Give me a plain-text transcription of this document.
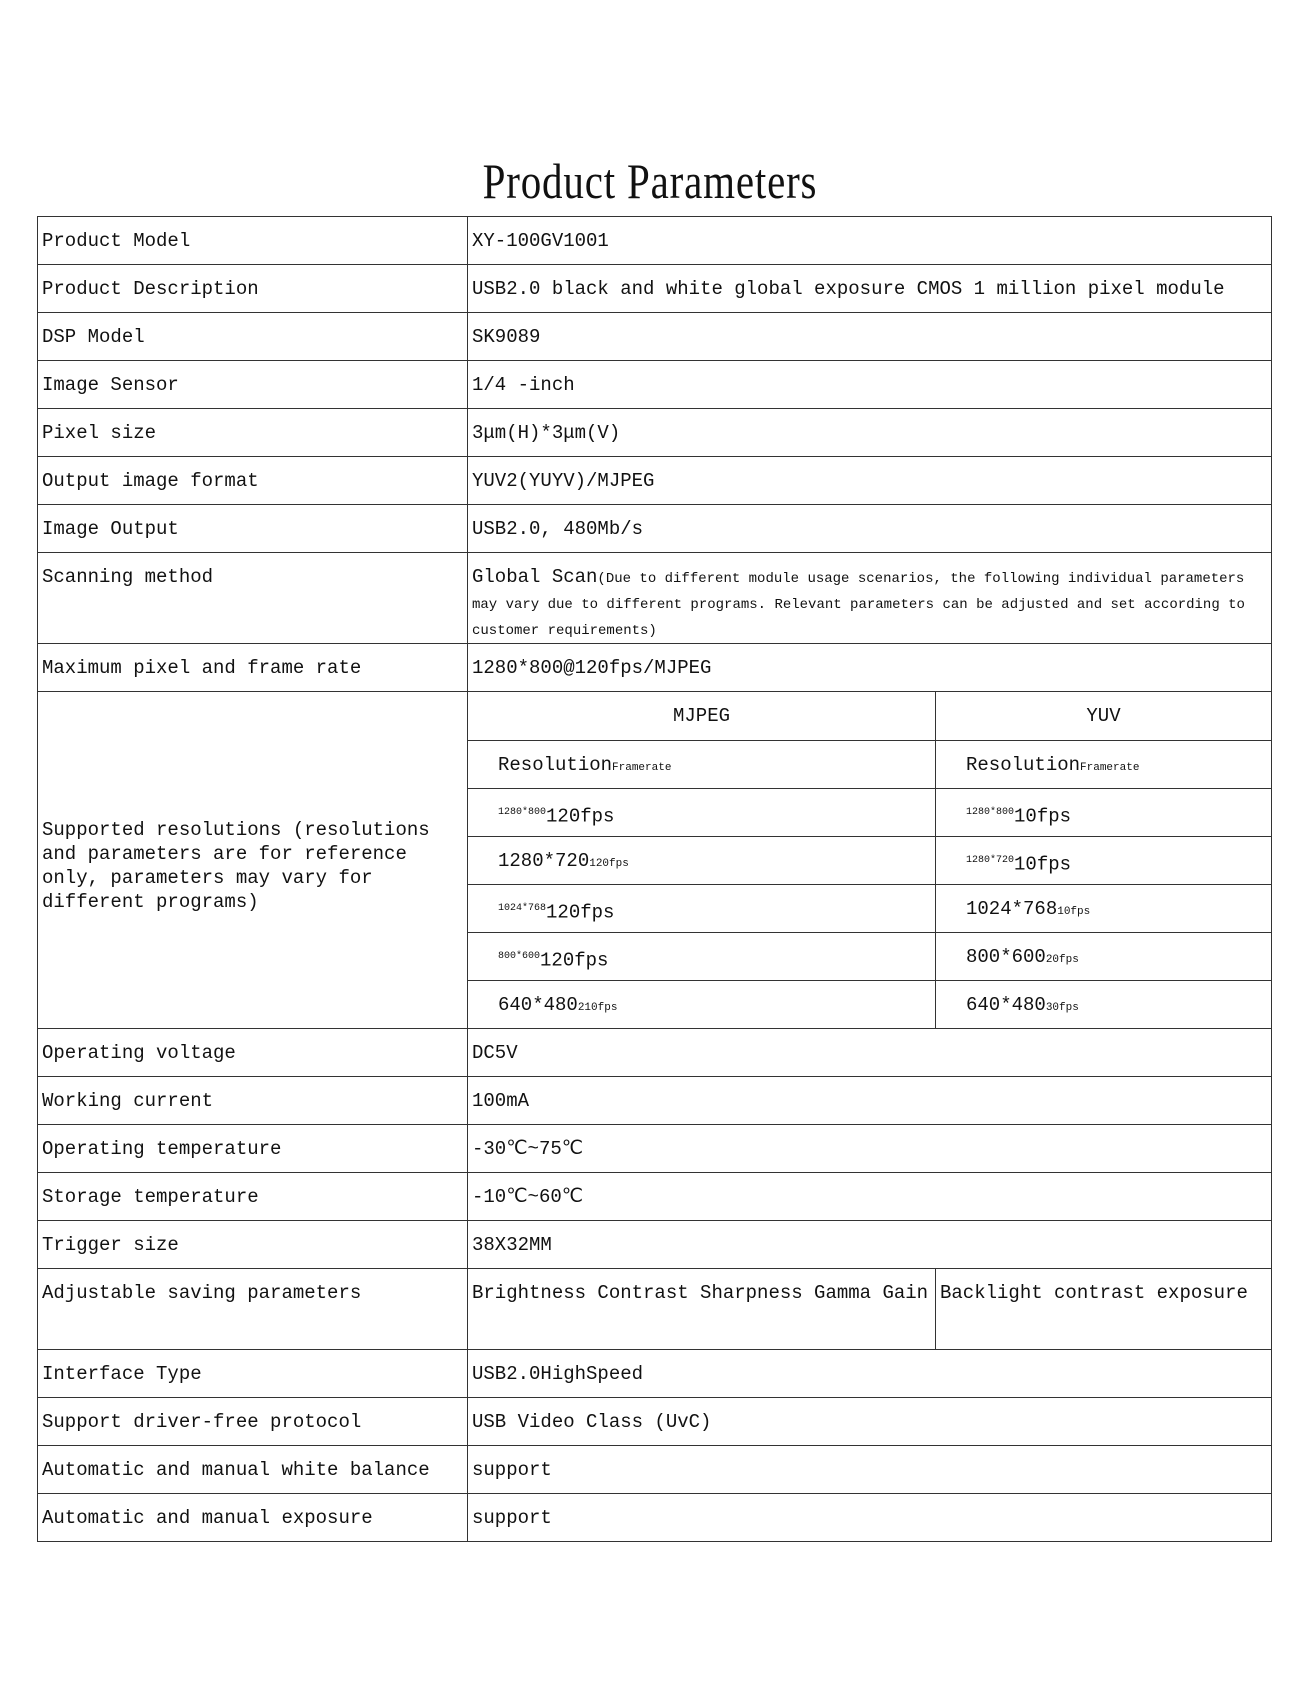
Product Parameters
Product Model	XY-100GV1001	
Product Description	USB2.0 black and white global exposure CMOS 1 million pixel module	
DSP Model	SK9089	
Image Sensor	1/4 -inch	
Pixel size	3μm(H)*3μm(V)	
Output image format	YUV2(YUYV)/MJPEG	
Image Output	USB2.0, 480Mb/s	
Scanning method	Global Scan(Due to different module usage scenarios, the following individual parameters may vary due to different programs. Relevant parameters can be adjusted and set according to customer requirements)	
Maximum pixel and frame rate	1280*800@120fps/MJPEG	
Supported resolutions (resolutions and parameters are for reference only, parameters may vary for different programs)	MJPEG	YUV
	ResolutionFramerate	ResolutionFramerate
	$^{1280*800}$120fps	$^{1280*800}$10fps
	1280*720120fps	$^{1280*720}$10fps
	$^{1024*768}$120fps	1024*76810fps
	$^{800*600}$120fps	800*60020fps
	640*480210fps	640*48030fps
Operating voltage	DC5V	
Working current	100mA	
Operating temperature	-30℃~75℃	
Storage temperature	-10℃~60℃	
Trigger size	38X32MM	
Adjustable saving parameters	Brightness Contrast Sharpness Gamma Gain	Backlight contrast exposure
Interface Type	USB2.0HighSpeed	
Support driver-free protocol	USB Video Class (UvC)	
Automatic and manual white balance	support	
Automatic and manual exposure	support	
